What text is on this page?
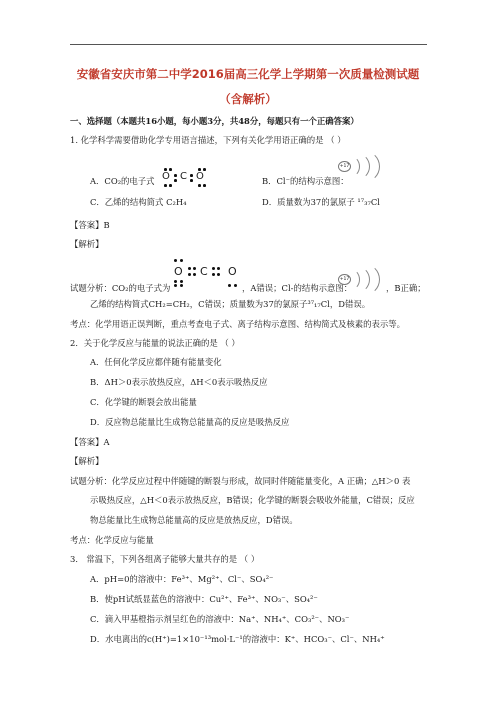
安徽省安庆市第二中学2016届高三化学上学期第一次质量检测试题
（含解析）
一、选择题（本题共16小题，每小题3分，共48分，每题只有一个正确答案）
1. 化学科学需要借助化学专用语言描述，下列有关化学用语正确的是 （ ）
A．CO₂的电子式 O C O	B．Cl⁻的结构示意图：
+17
C．乙烯的结构简式 C₂H₄	D．质量数为37的氯原子 ¹⁷₃₇Cl
【答案】B
【解析】
O C O
试题分析：CO₂的电子式为	，A错误；Cl-的结构示意图：
+17
，B正确；
乙烯的结构简式CH₂=CH₂，C错误；质量数为37的氯原子³⁷₁₇Cl，D错误。
考点：化学用语正误判断，重点考查电子式、离子结构示意图、结构简式及核素的表示等。
2．关于化学反应与能量的说法正确的是 （ ）
A．任何化学反应都伴随有能量变化
B．ΔH＞0表示放热反应，ΔH＜0表示吸热反应
C．化学键的断裂会放出能量
D．反应物总能量比生成物总能量高的反应是吸热反应
【答案】A
【解析】
试题分析：化学反应过程中伴随键的断裂与形成，故同时伴随能量变化，A 正确；△H＞0 表
示吸热反应，△H＜0表示放热反应，B错误；化学键的断裂会吸收外能量，C错误；反应
物总能量比生成物总能量高的反应是放热反应，D错误。
考点：化学反应与能量
3． 常温下，下列各组离子能够大量共存的是 （ ）
A．pH=0的溶液中：Fe³⁺、Mg²⁺、Cl⁻、SO₄²⁻
B．使pH试纸显蓝色的溶液中：Cu²⁺、Fe³⁺、NO₃⁻、SO₄²⁻
C．滴入甲基橙指示剂呈红色的溶液中：Na⁺、NH₄⁺、CO₃²⁻、NO₃⁻
D．水电离出的c(H⁺)=1×10⁻¹³mol·L⁻¹的溶液中：K⁺、HCO₃⁻、Cl⁻、NH₄⁺
